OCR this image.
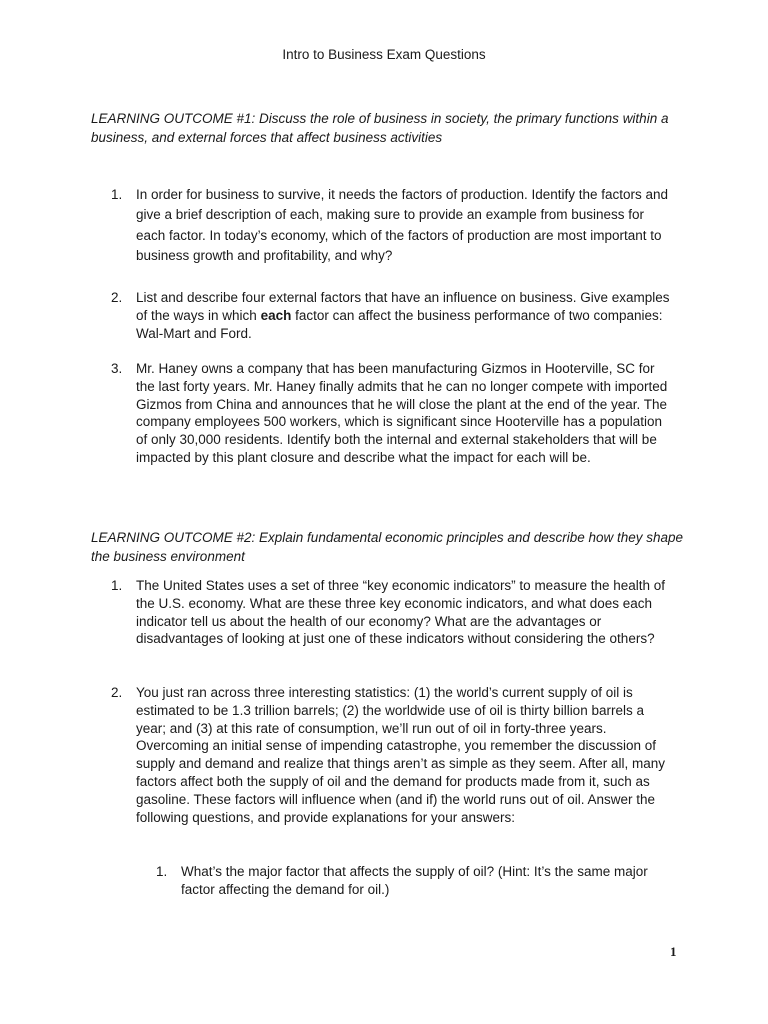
Intro to Business Exam Questions

LEARNING OUTCOME #1: Discuss the role of business in society, the primary functions within a business, and external forces that affect business activities

1. In order for business to survive, it needs the factors of production. Identify the factors and give a brief description of each, making sure to provide an example from business for each factor. In today’s economy, which of the factors of production are most important to business growth and profitability, and why?
2. List and describe four external factors that have an influence on business. Give examples of the ways in which each factor can affect the business performance of two companies: Wal-Mart and Ford.
3. Mr. Haney owns a company that has been manufacturing Gizmos in Hooterville, SC for the last forty years. Mr. Haney finally admits that he can no longer compete with imported Gizmos from China and announces that he will close the plant at the end of the year. The company employees 500 workers, which is significant since Hooterville has a population of only 30,000 residents. Identify both the internal and external stakeholders that will be impacted by this plant closure and describe what the impact for each will be.

LEARNING OUTCOME #2: Explain fundamental economic principles and describe how they shape the business environment

1. The United States uses a set of three “key economic indicators” to measure the health of the U.S. economy. What are these three key economic indicators, and what does each indicator tell us about the health of our economy? What are the advantages or disadvantages of looking at just one of these indicators without considering the others?
2. You just ran across three interesting statistics: (1) the world’s current supply of oil is estimated to be 1.3 trillion barrels; (2) the worldwide use of oil is thirty billion barrels a year; and (3) at this rate of consumption, we’ll run out of oil in forty-three years. Overcoming an initial sense of impending catastrophe, you remember the discussion of supply and demand and realize that things aren’t as simple as they seem. After all, many factors affect both the supply of oil and the demand for products made from it, such as gasoline. These factors will influence when (and if) the world runs out of oil. Answer the following questions, and provide explanations for your answers:
1. What’s the major factor that affects the supply of oil? (Hint: It’s the same major factor affecting the demand for oil.)
1
